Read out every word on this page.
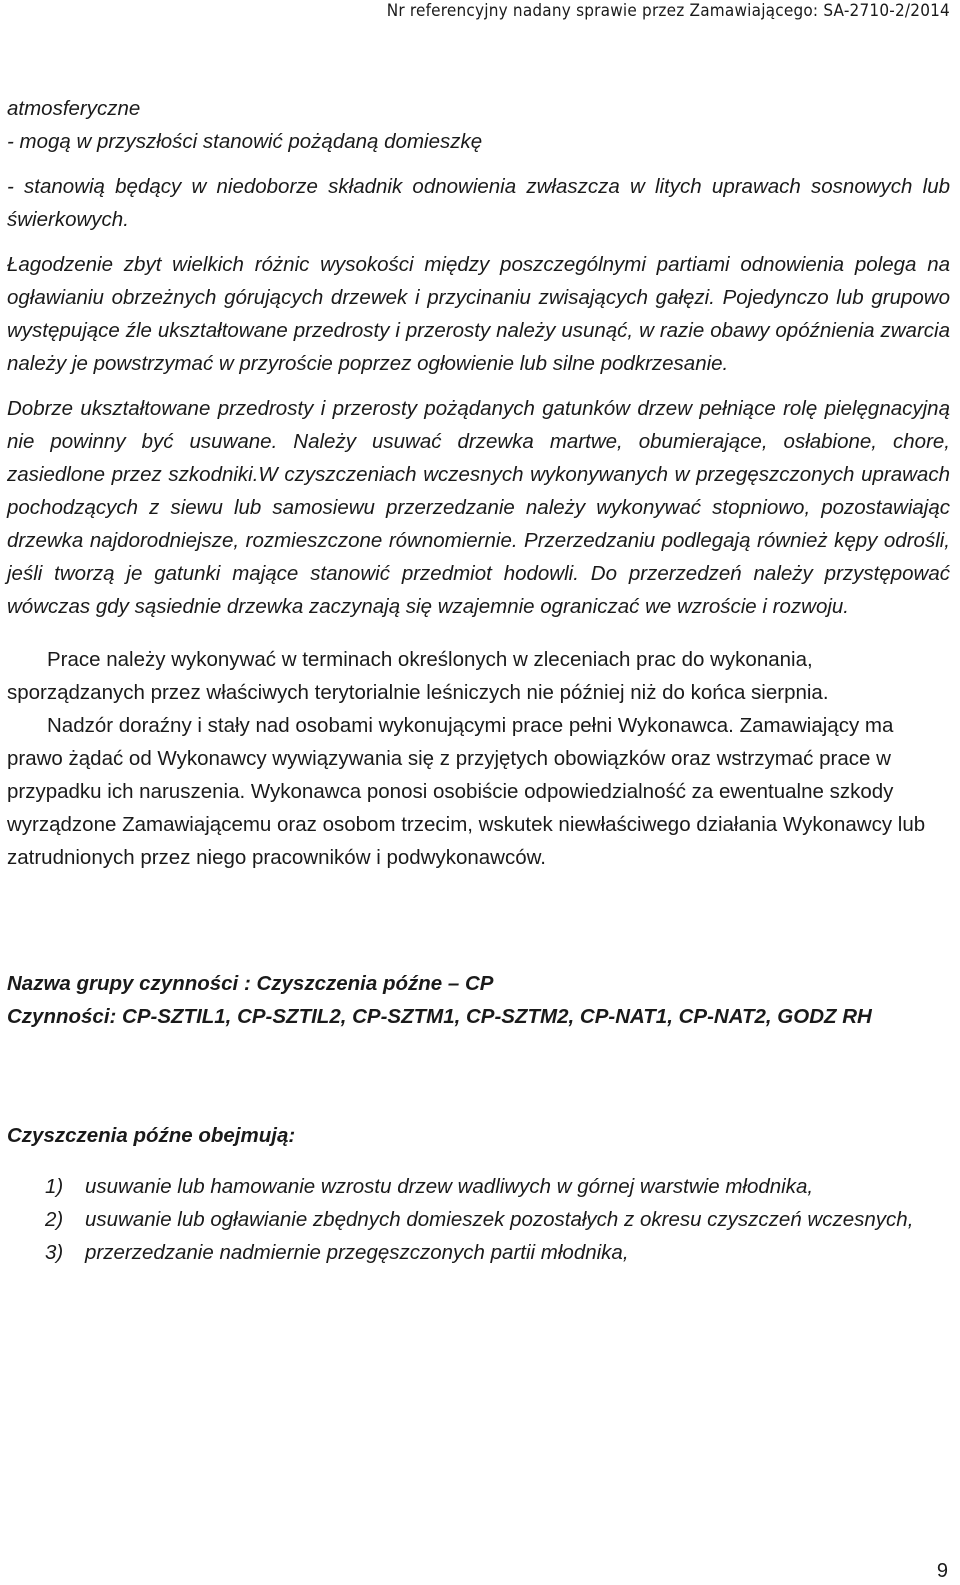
Nr referencyjny nadany sprawie przez Zamawiającego: SA-2710-2/2014

atmosferyczne

- mogą w przyszłości stanowić pożądaną domieszkę

- stanowią będący w niedoborze składnik odnowienia zwłaszcza w litych uprawach sosnowych lub świerkowych.

Łagodzenie zbyt wielkich różnic wysokości między poszczególnymi partiami odnowienia polega na ogławianiu obrzeżnych górujących drzewek i przycinaniu zwisających gałęzi. Pojedynczo lub grupowo występujące źle ukształtowane przedrosty i przerosty należy usunąć, w razie obawy opóźnienia zwarcia należy je powstrzymać w przyroście poprzez ogłowienie lub silne podkrzesanie.

Dobrze ukształtowane przedrosty i przerosty pożądanych gatunków drzew pełniące rolę pielęgnacyjną nie powinny być usuwane. Należy usuwać drzewka martwe, obumierające, osłabione, chore, zasiedlone przez szkodniki.W czyszczeniach wczesnych wykonywanych w przegęszczonych uprawach pochodzących z siewu lub samosiewu przerzedzanie należy wykonywać stopniowo, pozostawiając drzewka najdorodniejsze, rozmieszczone równomiernie. Przerzedzaniu podlegają również kępy odrośli, jeśli tworzą je gatunki mające stanowić przedmiot hodowli. Do przerzedzeń należy przystępować wówczas gdy sąsiednie drzewka zaczynają się wzajemnie ograniczać we wzroście i rozwoju.

Prace należy wykonywać w terminach określonych w zleceniach prac do wykonania, sporządzanych przez właściwych terytorialnie leśniczych nie później niż do końca sierpnia.

Nadzór doraźny i stały nad osobami wykonującymi prace pełni Wykonawca. Zamawiający ma prawo żądać od Wykonawcy wywiązywania się z przyjętych obowiązków oraz wstrzymać prace w przypadku ich naruszenia. Wykonawca ponosi osobiście odpowiedzialność za ewentualne szkody wyrządzone Zamawiającemu oraz osobom trzecim, wskutek niewłaściwego działania Wykonawcy lub zatrudnionych przez niego pracowników i podwykonawców.

Nazwa grupy czynności : Czyszczenia późne – CP

Czynności: CP-SZTIL1, CP-SZTIL2, CP-SZTM1, CP-SZTM2, CP-NAT1, CP-NAT2, GODZ RH

Czyszczenia późne obejmują:

1)	usuwanie lub hamowanie wzrostu drzew wadliwych w górnej warstwie młodnika,
2)	usuwanie lub ogławianie zbędnych domieszek pozostałych z okresu czyszczeń wczesnych,
3)	przerzedzanie nadmiernie przegęszczonych partii młodnika,
9
